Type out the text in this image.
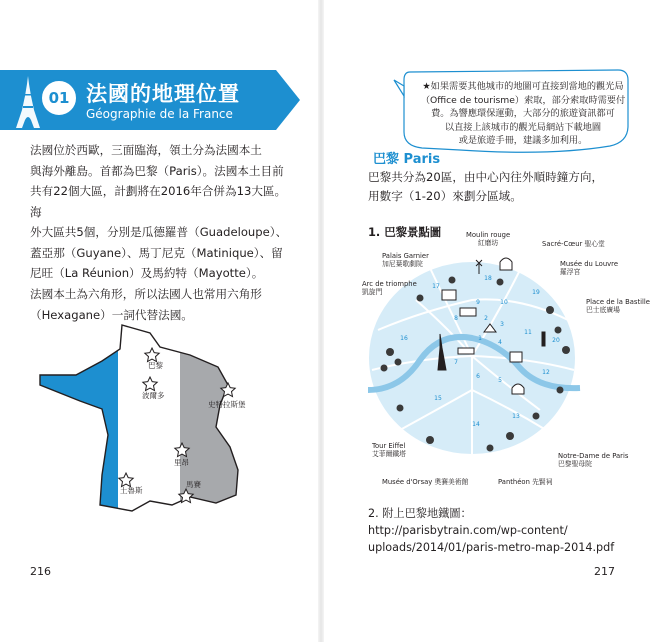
01 法國的地理位置
Géographie de la France
法國位於西歐，三面臨海，領土分為法國本土
與海外離島。首都為巴黎（Paris）。法國本土目前
共有22個大區，計劃將在2016年合併為13大區。海
外大區共5個，分別是瓜德羅普（Guadeloupe）、
蓋亞那（Guyane）、馬丁尼克（Matinique）、留
尼旺（La Réunion）及馬約特（Mayotte）。
法國本土為六角形，所以法國人也常用六角形
（Hexagane）一詞代替法國。
巴黎
波爾多
史特拉斯堡
里昂
土魯斯
馬賽
216
★如果需要其他城市的地圖可直接到當地的觀光局
（Office de tourisme）索取，部分索取時需要付
費。為響應環保運動，大部分的旅遊資訊都可
以直接上該城市的觀光局網站下載地圖
或是旅遊手冊，建議多加利用。
巴黎 Paris
巴黎共分為20區，由中心內往外順時鐘方向，
用數字（1-20）來劃分區域。
1. 巴黎景點圖
1
2
3
4
5
6
7
8
9	10
11
12
13
14
15
16
17
18
19
20
Moulin rouge
紅磨坊
Palais Garnier
加尼葉歌劇院
Sacré-Cœur 聖心堂
Musée du Louvre
羅浮宮
Arc de triomphe
凱旋門
Place de la Bastille
巴士底廣場
Tour Eiffel
艾菲爾鐵塔	Notre-Dame de Paris
巴黎聖母院
Musée d'Orsay 奧賽美術館	Panthéon 先賢祠
2. 附上巴黎地鐵圖：http://parisbytrain.com/wp-content/
uploads/2014/01/paris-metro-map-2014.pdf
217
